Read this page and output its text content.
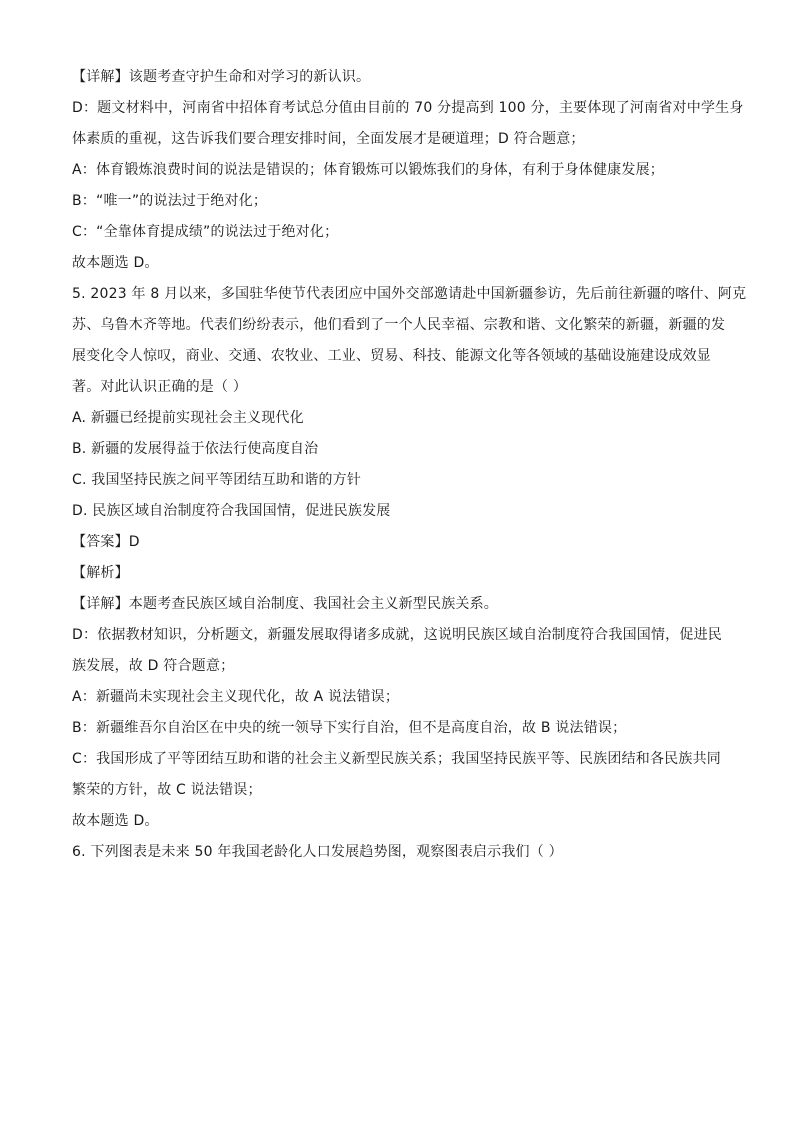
【详解】该题考查守护生命和对学习的新认识。
D：题文材料中，河南省中招体育考试总分值由目前的 70 分提高到 100 分，主要体现了河南省对中学生身
体素质的重视，这告诉我们要合理安排时间，全面发展才是硬道理；D 符合题意；
A：体育锻炼浪费时间的说法是错误的；体育锻炼可以锻炼我们的身体，有利于身体健康发展；
B：“唯一”的说法过于绝对化；
C：“全靠体育提成绩”的说法过于绝对化；
故本题选 D。
5. 2023 年 8 月以来，多国驻华使节代表团应中国外交部邀请赴中国新疆参访，先后前往新疆的喀什、阿克
苏、乌鲁木齐等地。代表们纷纷表示，他们看到了一个人民幸福、宗教和谐、文化繁荣的新疆，新疆的发
展变化令人惊叹，商业、交通、农牧业、工业、贸易、科技、能源文化等各领域的基础设施建设成效显
著。对此认识正确的是（ ）
A. 新疆已经提前实现社会主义现代化
B. 新疆的发展得益于依法行使高度自治
C. 我国坚持民族之间平等团结互助和谐的方针
D. 民族区域自治制度符合我国国情，促进民族发展
【答案】D
【解析】
【详解】本题考查民族区域自治制度、我国社会主义新型民族关系。
D：依据教材知识，分析题文，新疆发展取得诸多成就，这说明民族区域自治制度符合我国国情，促进民
族发展，故 D 符合题意；
A：新疆尚未实现社会主义现代化，故 A 说法错误；
B：新疆维吾尔自治区在中央的统一领导下实行自治，但不是高度自治，故 B 说法错误；
C：我国形成了平等团结互助和谐的社会主义新型民族关系；我国坚持民族平等、民族团结和各民族共同
繁荣的方针，故 C 说法错误；
故本题选 D。
6. 下列图表是未来 50 年我国老龄化人口发展趋势图，观察图表启示我们（ ）
